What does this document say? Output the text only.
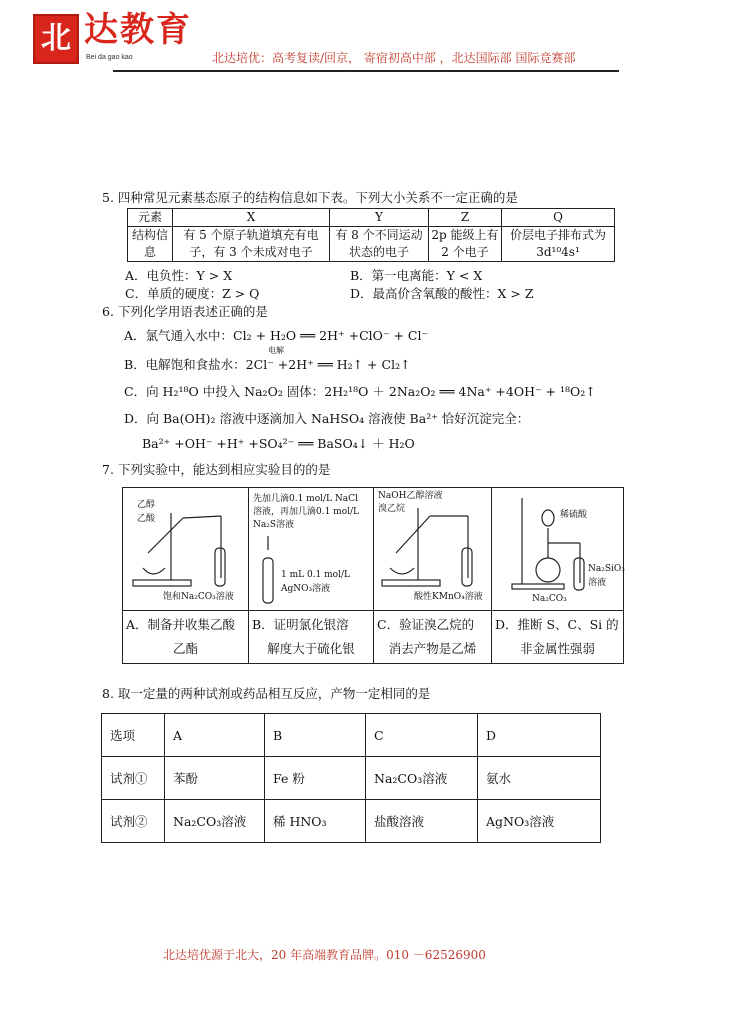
北 达教育
Bei da gao kao	北达培优：高考复读/回京， 寄宿初高中部 ，北达国际部 国际竞赛部
5. 四种常见元素基态原子的结构信息如下表。下列大小关系不一定正确的是
元素	X	Y	Z	Q
结构信息	有 5 个原子轨道填充有电子，有 3 个未成对电子	有 8 个不同运动状态的电子	2p 能级上有 2 个电子	价层电子排布式为 3d¹⁰4s¹
A．电负性：Y > X	B．第一电离能：Y < X
C．单质的硬度：Z > Q	D．最高价含氧酸的酸性：X > Z
6. 下列化学用语表述正确的是
A．氯气通入水中：Cl₂ + H₂O ══ 2H⁺ +ClO⁻ + Cl⁻
电解
B．电解饱和食盐水：2Cl⁻ +2H⁺ ══ H₂↑ + Cl₂↑
C．向 H₂¹⁸O 中投入 Na₂O₂ 固体：2H₂¹⁸O ＋ 2Na₂O₂ ══ 4Na⁺ +4OH⁻ + ¹⁸O₂↑
D．向 Ba(OH)₂ 溶液中逐滴加入 NaHSO₄ 溶液使 Ba²⁺ 恰好沉淀完全：
Ba²⁺ +OH⁻ +H⁺ +SO₄²⁻ ══ BaSO₄↓ ＋ H₂O
7. 下列实验中，能达到相应实验目的的是
乙醇
乙酸
饱和Na₂CO₃溶液
先加几滴0.1 mol/L NaCl
溶液，再加几滴0.1 mol/L
Na₂S溶液
1 mL 0.1 mol/L
AgNO₃溶液
NaOH乙醇溶液
溴乙烷
酸性KMnO₄溶液
稀硫酸
Na₂SiO₃
溶液
Na₂CO₃
A．制备并收集乙酸
乙酯
B．证明氯化银溶
解度大于硫化银
C．验证溴乙烷的
消去产物是乙烯
D．推断 S、C、Si 的
非金属性强弱
8. 取一定量的两种试剂或药品相互反应，产物一定相同的是
选项	A	B	C	D
试剂①	苯酚	Fe 粉	Na₂CO₃溶液	氨水
试剂②	Na₂CO₃溶液	稀 HNO₃	盐酸溶液	AgNO₃溶液
北达培优源于北大，20 年高端教育品牌。010 －62526900
